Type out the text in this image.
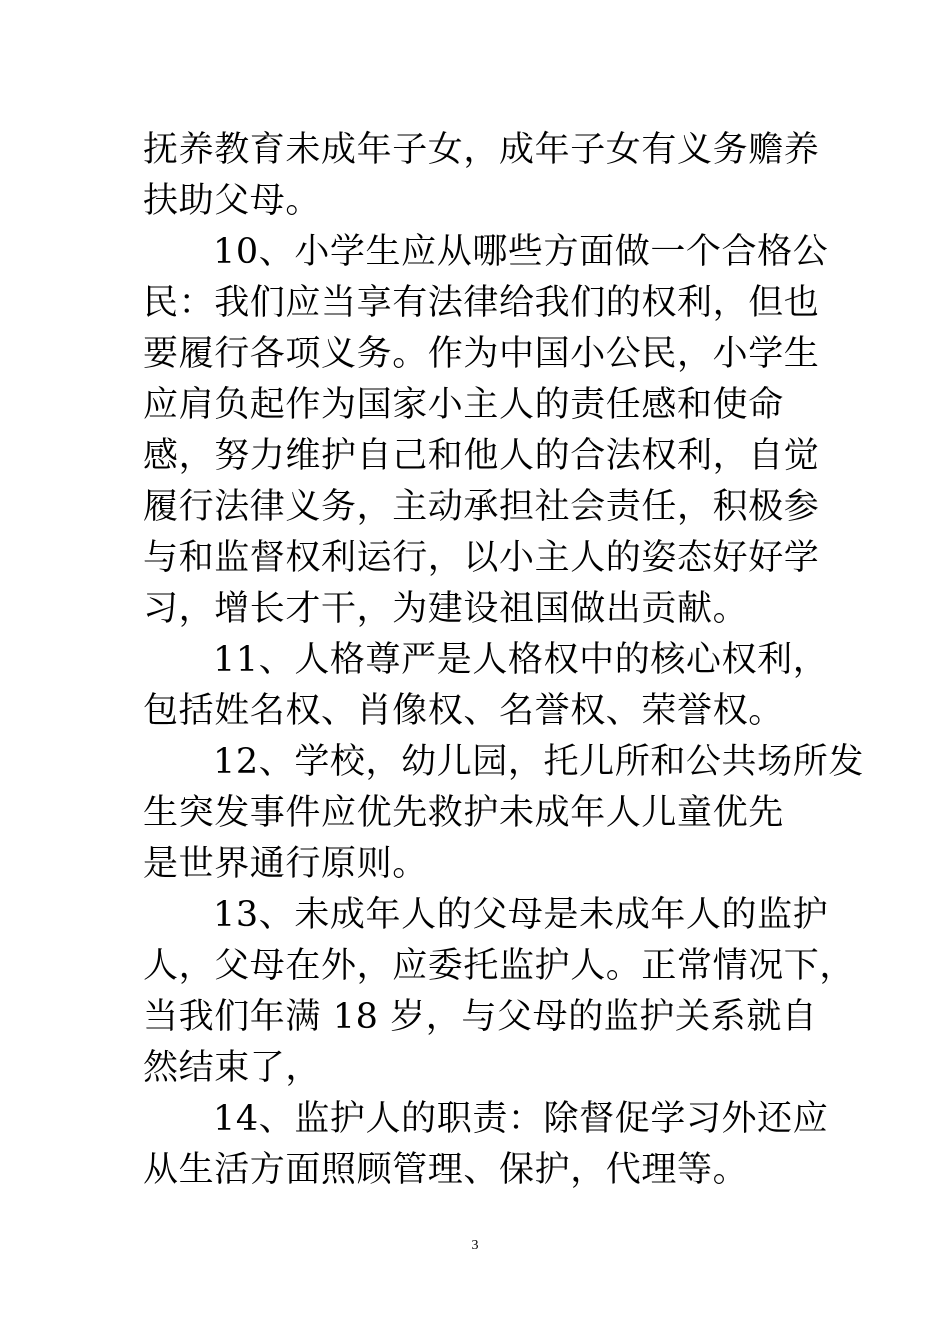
抚养教育未成年子女，成年子女有义务赡养
扶助父母。
10、小学生应从哪些方面做一个合格公
民：我们应当享有法律给我们的权利，但也
要履行各项义务。作为中国小公民，小学生
应肩负起作为国家小主人的责任感和使命
感，努力维护自己和他人的合法权利，自觉
履行法律义务，主动承担社会责任，积极参
与和监督权利运行，以小主人的姿态好好学
习，增长才干，为建设祖国做出贡献。
11、人格尊严是人格权中的核心权利，
包括姓名权、肖像权、名誉权、荣誉权。
12、学校，幼儿园，托儿所和公共场所发
生突发事件应优先救护未成年人儿童优先
是世界通行原则。
13、未成年人的父母是未成年人的监护
人，父母在外，应委托监护人。正常情况下，
当我们年满 18 岁，与父母的监护关系就自
然结束了，
14、监护人的职责：除督促学习外还应
从生活方面照顾管理、保护，代理等。
3
